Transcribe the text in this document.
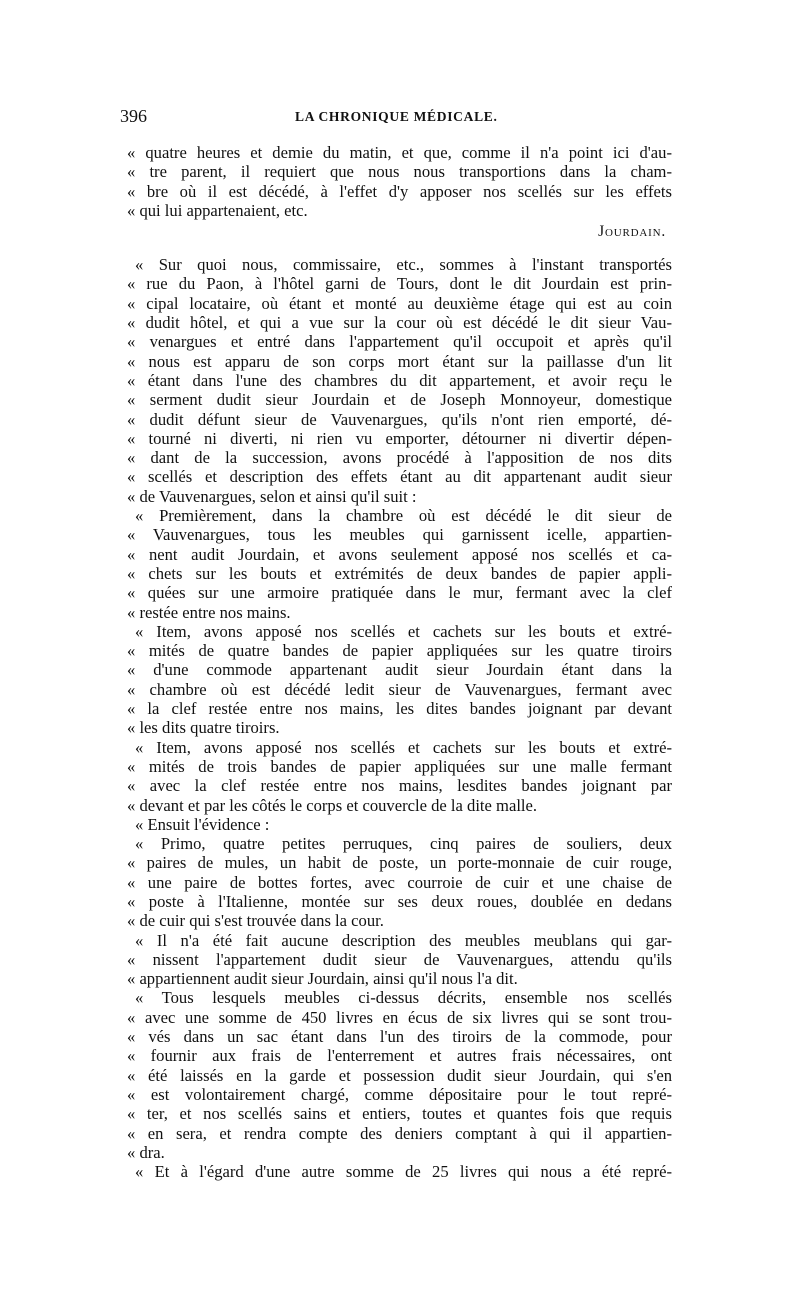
396	LA CHRONIQUE MÉDICALE.
« quatre heures et demie du matin, et que, comme il n'a point ici d'au-
« tre parent, il requiert que nous nous transportions dans la cham-
« bre où il est décédé, à l'effet d'y apposer nos scellés sur les effets
« qui lui appartenaient, etc.
Jourdain.
« Sur quoi nous, commissaire, etc., sommes à l'instant transportés
« rue du Paon, à l'hôtel garni de Tours, dont le dit Jourdain est prin-
« cipal locataire, où étant et monté au deuxième étage qui est au coin
« dudit hôtel, et qui a vue sur la cour où est décédé le dit sieur Vau-
« venargues et entré dans l'appartement qu'il occupoit et après qu'il
« nous est apparu de son corps mort étant sur la paillasse d'un lit
« étant dans l'une des chambres du dit appartement, et avoir reçu le
« serment dudit sieur Jourdain et de Joseph Monnoyeur, domestique
« dudit défunt sieur de Vauvenargues, qu'ils n'ont rien emporté, dé-
« tourné ni diverti, ni rien vu emporter, détourner ni divertir dépen-
« dant de la succession, avons procédé à l'apposition de nos dits
« scellés et description des effets étant au dit appartenant audit sieur
« de Vauvenargues, selon et ainsi qu'il suit :
« Premièrement, dans la chambre où est décédé le dit sieur de
« Vauvenargues, tous les meubles qui garnissent icelle, appartien-
« nent audit Jourdain, et avons seulement apposé nos scellés et ca-
« chets sur les bouts et extrémités de deux bandes de papier appli-
« quées sur une armoire pratiquée dans le mur, fermant avec la clef
« restée entre nos mains.
« Item, avons apposé nos scellés et cachets sur les bouts et extré-
« mités de quatre bandes de papier appliquées sur les quatre tiroirs
« d'une commode appartenant audit sieur Jourdain étant dans la
« chambre où est décédé ledit sieur de Vauvenargues, fermant avec
« la clef restée entre nos mains, les dites bandes joignant par devant
« les dits quatre tiroirs.
« Item, avons apposé nos scellés et cachets sur les bouts et extré-
« mités de trois bandes de papier appliquées sur une malle fermant
« avec la clef restée entre nos mains, lesdites bandes joignant par
« devant et par les côtés le corps et couvercle de la dite malle.
« Ensuit l'évidence :
« Primo, quatre petites perruques, cinq paires de souliers, deux
« paires de mules, un habit de poste, un porte-monnaie de cuir rouge,
« une paire de bottes fortes, avec courroie de cuir et une chaise de
« poste à l'Italienne, montée sur ses deux roues, doublée en dedans
« de cuir qui s'est trouvée dans la cour.
« Il n'a été fait aucune description des meubles meublans qui gar-
« nissent l'appartement dudit sieur de Vauvenargues, attendu qu'ils
« appartiennent audit sieur Jourdain, ainsi qu'il nous l'a dit.
« Tous lesquels meubles ci-dessus décrits, ensemble nos scellés
« avec une somme de 450 livres en écus de six livres qui se sont trou-
« vés dans un sac étant dans l'un des tiroirs de la commode, pour
« fournir aux frais de l'enterrement et autres frais nécessaires, ont
« été laissés en la garde et possession dudit sieur Jourdain, qui s'en
« est volontairement chargé, comme dépositaire pour le tout repré-
« ter, et nos scellés sains et entiers, toutes et quantes fois que requis
« en sera, et rendra compte des deniers comptant à qui il appartien-
« dra.
« Et à l'égard d'une autre somme de 25 livres qui nous a été repré-
